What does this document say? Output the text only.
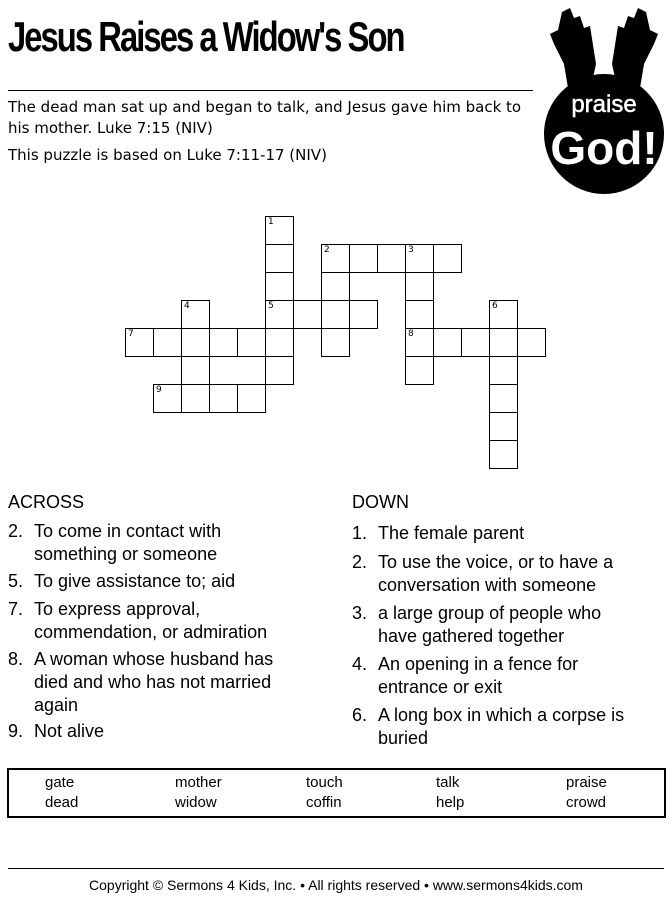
Jesus Raises a Widow's Son
The dead man sat up and began to talk, and Jesus gave him back to his mother. Luke 7:15 (NIV)
This puzzle is based on Luke 7:11-17 (NIV)
praise
God!
1
5
2	3
8
4
7
9
6
ACROSS
2. To come in contact with
something or someone
5. To give assistance to; aid
7. To express approval,
commendation, or admiration
8. A woman whose husband has
died and who has not married
again
9. Not alive
DOWN
1. The female parent
2. To use the voice, or to have a
conversation with someone
3. a large group of people who
have gathered together
4. An opening in a fence for
entrance or exit
6. A long box in which a corpse is
buried
gate	mother	touch	talk	praise
dead	widow	coffin	help	crowd
Copyright © Sermons 4 Kids, Inc. • All rights reserved • www.sermons4kids.com
